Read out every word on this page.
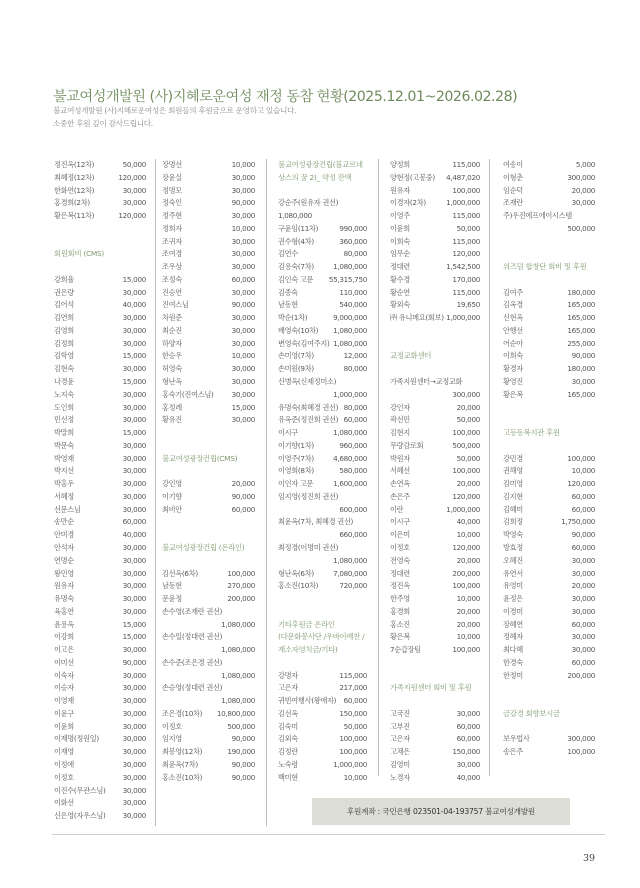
불교여성개발원 (사)지혜로운여성 재정 동참 현황(2025.12.01~2026.02.28)
불교여성개발원 (사)지혜로운여성은 회원들의 후원금으로 운영하고 있습니다.
소중한 후원 깊이 감사드립니다.
정진옥(12차)	50,000
최혜정(12차)	120,000
한화연(12차)	30,000
홍경희(2차)	30,000
황은복(11차)	120,000
회원회비 (CMS)
강희율	15,000
권은량	30,000
김어석	40,000
김연희	30,000
김영희	30,000
김정희	30,000
김학염	15,000
김현숙	30,000
나경윤	15,000
노지숙	30,000
도인희	30,000
민선정	30,000
박말희	15,000
박문숙	30,000
박영재	30,000
박지선	30,000
박홍우	30,000
서혜정	30,000
선문스님	30,000
송만순	60,000
안미경	40,000
안석자	30,000
연명순	30,000
왕민영	30,000
원유자	30,000
유명숙	30,000
육홍연	30,000
윤용옥	15,000
이강희	15,000
이고은	30,000
이미선	90,000
이숙자	30,000
이승자	30,000
이영재	30,000
이윤구	30,000
이윤희	30,000
이재명(정원일)	30,000
이재영	30,000
이정애	30,000
이정호	30,000
이진수(무관스님) 30,000
이화선	30,000
신은영(자우스님) 30,000
장명선	10,000
장윤실	30,000
정명모	30,000
정숙인	90,000
정주현	30,000
정희자	10,000
조귀자	30,000
조여경	30,000
조우상	30,000
조정숙	60,000
진승연	30,000
진여스님	90,000
차원준	30,000
최순진	30,000
하양자	30,000
한승우	10,000
허영숙	30,000
형난옥	30,000
홍숙기(진여스님)	30,000
홍정례	15,000
황유진	30,000
불교여성광장건립(CMS)
강인영	20,000
이기향	90,000
최비안	60,000
불교여성광장건립 (온라인)
김선옥(6차)	100,000
남동현	270,000
문윤정	200,000
손수영(조재란 권선)
1,080,000
손수일(정대련 권선)
1,080,000
손수준(조은경 권선)
1,080,000
손승영(정대련 권선)
1,080,000
조은경(10차) 10,800,000
이정호	500,000
임지영	90,000
최봉영(12차)	190,000
최윤옥(7차)	90,000
홍소진(10차)	90,000
불교여성광장건립(불교르네
상스의 꿈 2)_ 약정 잔액
강순주(원유자 권선)
1,080,000
구윤임(11차)	990,000
권수형(4차)	360,000
김연수	80,000
김용숙(7차)	1,080,000
김인숙 고문 55,315,750
김종숙	110,000
남동현	540,000
박순(1차)	9,000,000
배영숙(10차) 1,080,000
변영숙(김여주지) 1,080,000
손미영(7차)	12,000
손미원(9차)	80,000
신병옥(신제정미소)
1,000,000
유명숙(최혜경 권선) 80,000
유옥준(정진희 권선) 60,000
이시구	1,080,000
이기향(1차)	960,000
이영주(7차)	4,680,000
이영희(8차)	580,000
이인자 고문	1,600,000
임지영(정진희 권선)
600,000
최윤옥(7차, 최혜경 권선)
660,000
최정경(이명미 권선)
1,080,000
형난옥(6차)	7,080,000
홍소진(10차)	720,000
기타후원금 온라인
(다문화봉사단 /우바이예찬 /
재소자영치금/기타)
강명자	115,000
고은자	217,000
귀빈여행사(왕애자) 60,000
김선옥	150,000
김숙미	50,000
김외숙	100,000
김정란	100,000
노숙령	1,000,000
백미현	10,000
양정희	115,000
양현정(고봉중) 4,487,020
원유자	100,000
이경자(2차)	1,000,000
이영주	115,000
이윤희	50,000
이희숙	115,000
임무순	120,000
정대련	1,542,500
황수경	170,000
황순연	115,000
황외숙	19,650
㈜ 유니메요(회보) 1,000,000
교정교화센터
가족지원센터→교정교화
300,000
강인자	20,000
곽선민	50,000
김현지	100,000
무량감로회	500,000
박원자	50,000
서혜선	100,000
손연옥	20,000
손은주	120,000
이란	1,000,000
이시구	40,000
이은미	10,000
이정호	120,000
전영숙	20,000
정대련	200,000
정진옥	100,000
한주영	10,000
홍경희	20,000
홍소진	20,000
황은복	10,000
7순갑장팀	100,000
가족지원센터 회비 및 후원
고국진	30,000
고부진	60,000
고은자	60,000
고채은	150,000
김영미	30,000
노경자	40,000
여송이	5,000
이형춘	300,000
임순덕	20,000
조재란	30,000
주)우진에프에이시스템
500,000
위즈덤 합창단 회비 및 후원
김여주	180,000
김옥경	165,000
신현옥	165,000
안행선	165,000
어순아	255,000
이희숙	90,000
황경자	180,000
황영진	30,000
황은복	165,000
고등동복지관 후원
강민경	100,000
권해영	10,000
김미영	120,000
김지현	60,000
김혜미	60,000
김희정	1,750,000
박영숙	90,000
방효정	60,000
오혜진	30,000
유연서	30,000
유영미	20,000
윤정은	30,000
이경미	30,000
장혜연	60,000
정혜자	30,000
최다혜	30,000
한경숙	60,000
한정미	200,000
금강경 회향보시금
보우법사	300,000
송은주	100,000
후원계좌 : 국민은행 023501-04-193757 불교여성개발원
39
